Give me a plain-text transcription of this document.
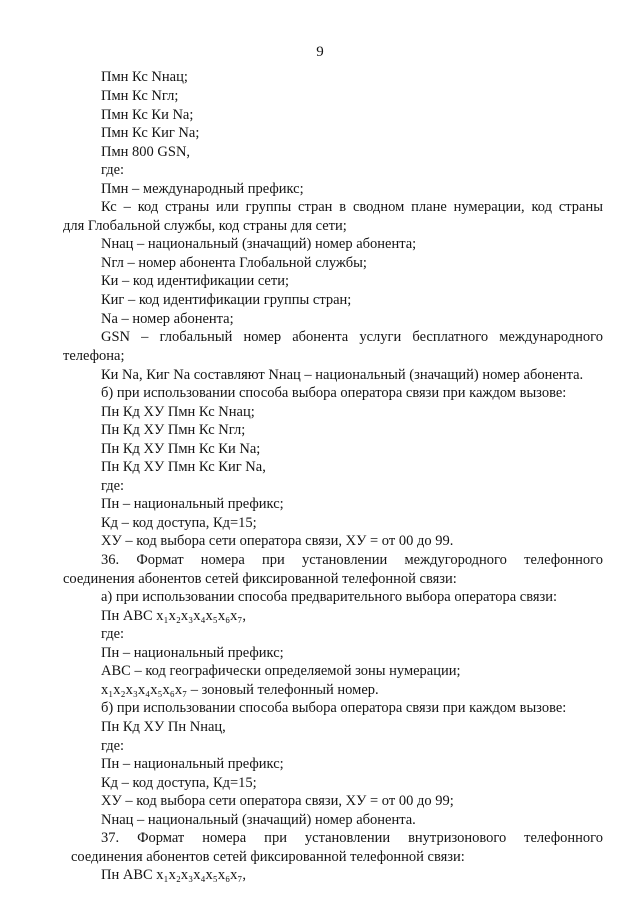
9
Пмн Кс Nнац;
Пмн Кс Nгл;
Пмн Кс Ки Na;
Пмн Кс Киг Na;
Пмн 800 GSN,
где:
Пмн – международный префикс;
Кс – код страны или группы стран в сводном плане нумерации, код страны
для Глобальной службы, код страны для сети;
Nнац – национальный (значащий) номер абонента;
Nгл – номер абонента Глобальной службы;
Ки – код идентификации сети;
Киг – код идентификации группы стран;
Na – номер абонента;
GSN – глобальный номер абонента услуги бесплатного международного
телефона;
Ки Na, Киг Na составляют Nнац – национальный (значащий) номер абонента.
б) при использовании способа выбора оператора связи при каждом вызове:
Пн Кд ХУ Пмн Кс Nнац;
Пн Кд ХУ Пмн Кс Nгл;
Пн Кд ХУ Пмн Кс Ки Na;
Пн Кд ХУ Пмн Кс Киг Na,
где:
Пн – национальный префикс;
Кд – код доступа, Кд=15;
ХУ – код выбора сети оператора связи, ХУ = от 00 до 99.
36. Формат номера при установлении междугородного телефонного
соединения абонентов сетей фиксированной телефонной связи:
а) при использовании способа предварительного выбора оператора связи:
Пн АВС x₁x₂x₃x₄x₅x₆x₇,
где:
Пн – национальный префикс;
АВС – код географически определяемой зоны нумерации;
x₁x₂x₃x₄x₅x₆x₇ – зоновый телефонный номер.
б) при использовании способа выбора оператора связи при каждом вызове:
Пн Кд ХУ Пн Nнац,
где:
Пн – национальный префикс;
Кд – код доступа, Кд=15;
ХУ – код выбора сети оператора связи, ХУ = от 00 до 99;
Nнац – национальный (значащий) номер абонента.
37. Формат номера при установлении внутризонового телефонного
соединения абонентов сетей фиксированной телефонной связи:
Пн АВС x₁x₂x₃x₄x₅x₆x₇,
